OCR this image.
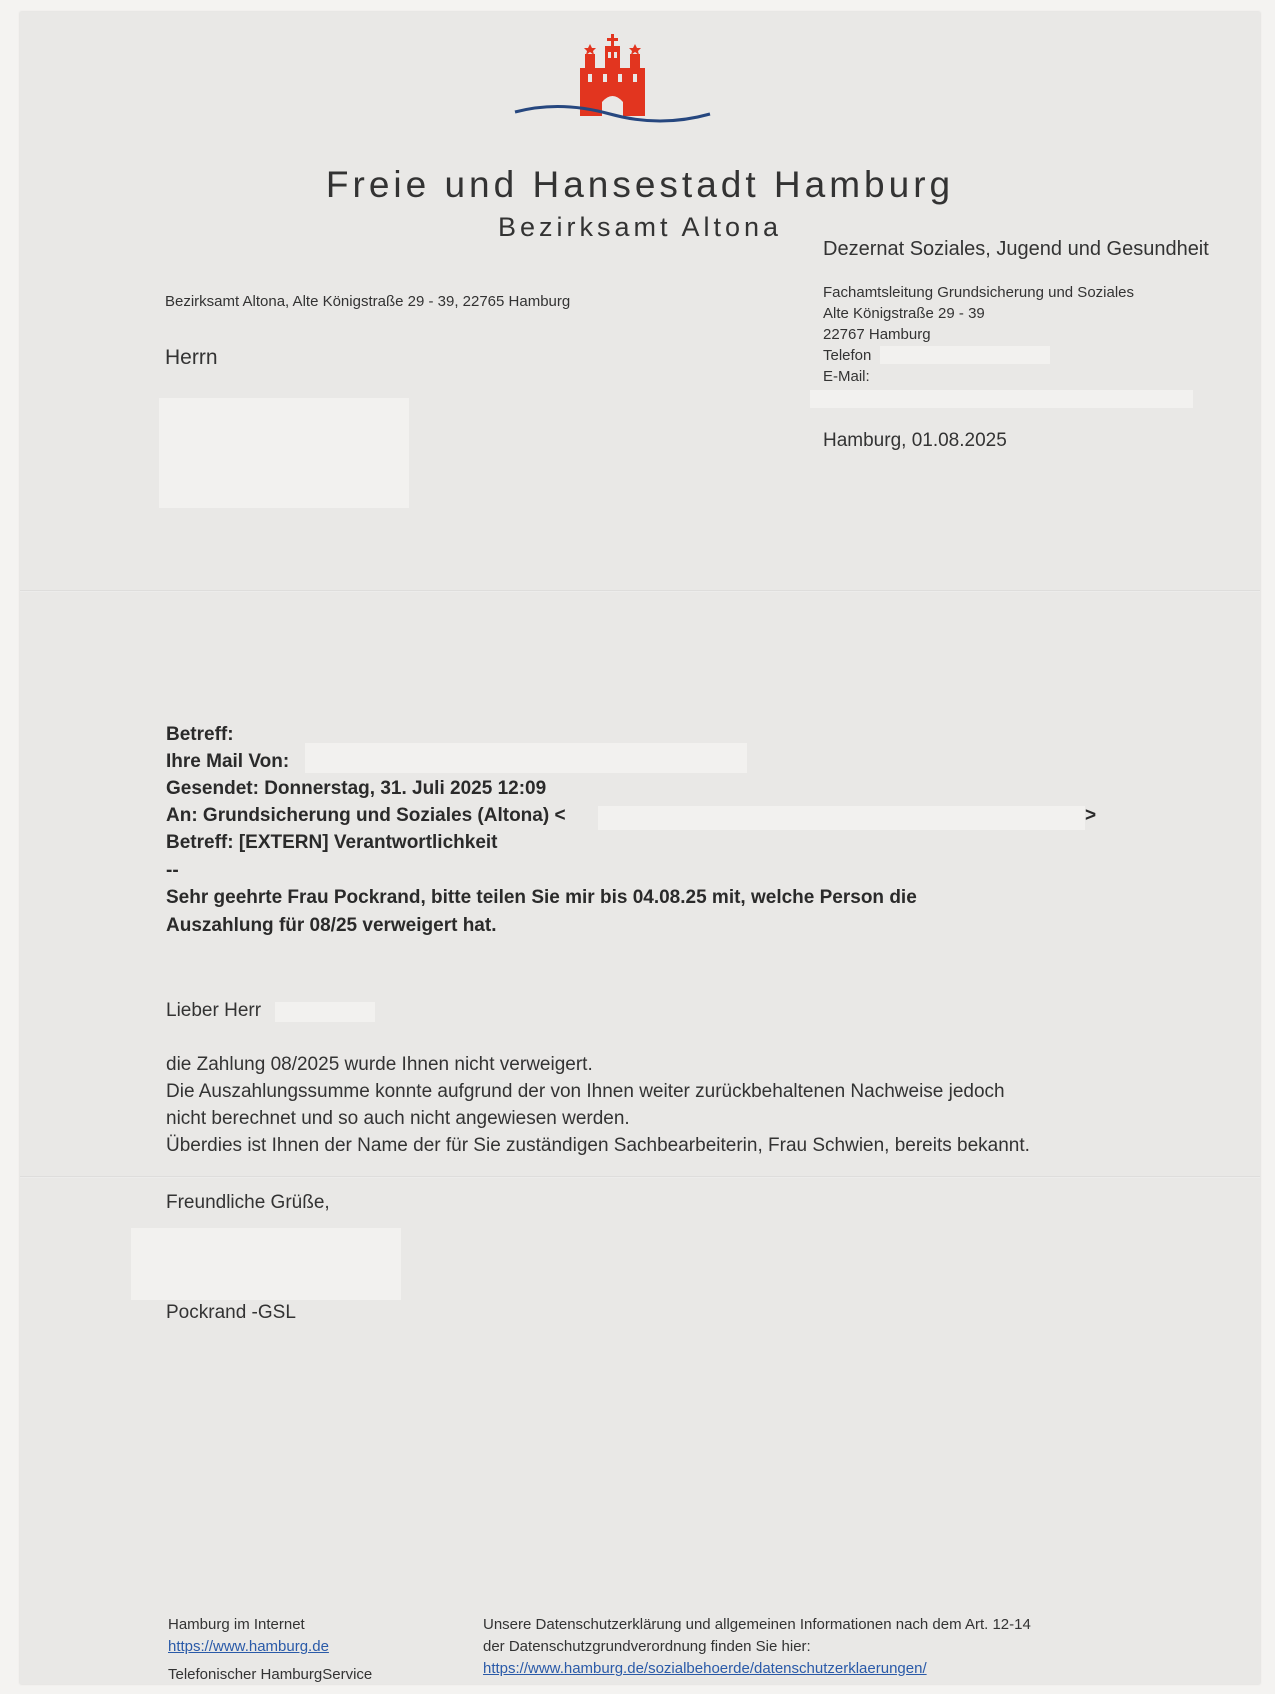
Freie und Hansestadt Hamburg
Bezirksamt Altona
Dezernat Soziales, Jugend und Gesundheit
Bezirksamt Altona, Alte Königstraße 29 - 39, 22765 Hamburg
Herrn
Fachamtsleitung Grundsicherung und Soziales
Alte Königstraße 29 - 39
22767 Hamburg
Telefon
E-Mail:
Hamburg, 01.08.2025
Betreff:
Ihre Mail Von:
Gesendet: Donnerstag, 31. Juli 2025 12:09
An: Grundsicherung und Soziales (Altona) <	>
Betreff: [EXTERN] Verantwortlichkeit
--
Sehr geehrte Frau Pockrand, bitte teilen Sie mir bis 04.08.25 mit, welche Person die
Auszahlung für 08/25 verweigert hat.
Lieber Herr
die Zahlung 08/2025 wurde Ihnen nicht verweigert.
Die Auszahlungssumme konnte aufgrund der von Ihnen weiter zurückbehaltenen Nachweise jedoch
nicht berechnet und so auch nicht angewiesen werden.
Überdies ist Ihnen der Name der für Sie zuständigen Sachbearbeiterin, Frau Schwien, bereits bekannt.
Freundliche Grüße,
Pockrand -GSL
Hamburg im Internet
https://www.hamburg.de
Telefonischer HamburgService
Unsere Datenschutzerklärung und allgemeinen Informationen nach dem Art. 12-14
der Datenschutzgrundverordnung finden Sie hier:
https://www.hamburg.de/sozialbehoerde/datenschutzerklaerungen/
